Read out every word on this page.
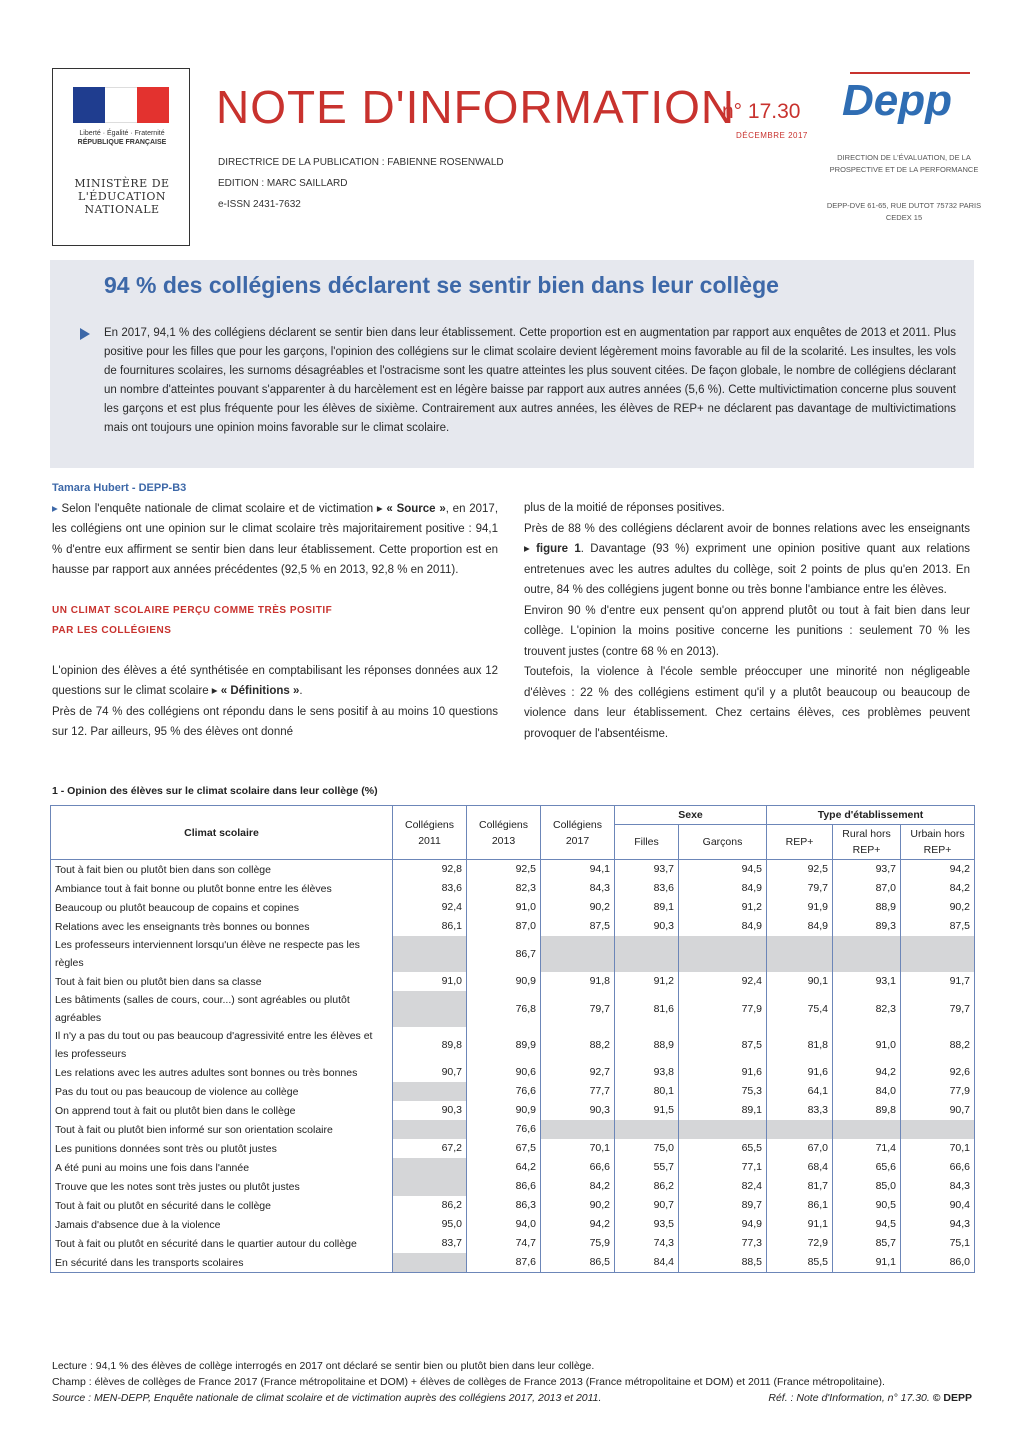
Liberté · Égalité · Fraternité
RÉPUBLIQUE FRANÇAISE
MINISTÈRE DE L'ÉDUCATION NATIONALE
NOTE D'INFORMATION
n° 17.30
DÉCEMBRE 2017
DIRECTRICE DE LA PUBLICATION : FABIENNE ROSENWALD
EDITION : MARC SAILLARD
e-ISSN 2431-7632
Depp
DIRECTION DE L'ÉVALUATION, DE LA PROSPECTIVE ET DE LA PERFORMANCE
DEPP-DVE 61-65, RUE DUTOT 75732 PARIS CEDEX 15
94 % des collégiens déclarent se sentir bien dans leur collège
En 2017, 94,1 % des collégiens déclarent se sentir bien dans leur établissement. Cette proportion est en augmentation par rapport aux enquêtes de 2013 et 2011. Plus positive pour les filles que pour les garçons, l'opinion des collégiens sur le climat scolaire devient légèrement moins favorable au fil de la scolarité. Les insultes, les vols de fournitures scolaires, les surnoms désagréables et l'ostracisme sont les quatre atteintes les plus souvent citées. De façon globale, le nombre de collégiens déclarant un nombre d'atteintes pouvant s'apparenter à du harcèlement est en légère baisse par rapport aux autres années (5,6 %). Cette multivictimation concerne plus souvent les garçons et est plus fréquente pour les élèves de sixième. Contrairement aux autres années, les élèves de REP+ ne déclarent pas davantage de multivictimations mais ont toujours une opinion moins favorable sur le climat scolaire.
Tamara Hubert - DEPP-B3

▸ Selon l'enquête nationale de climat scolaire et de victimation ▸ « Source », en 2017, les collégiens ont une opinion sur le climat scolaire très majoritairement positive : 94,1 % d'entre eux affirment se sentir bien dans leur établissement. Cette proportion est en hausse par rapport aux années précédentes (92,5 % en 2013, 92,8 % en 2011).

UN CLIMAT SCOLAIRE PERÇU COMME TRÈS POSITIF
PAR LES COLLÉGIENS

L'opinion des élèves a été synthétisée en comptabilisant les réponses données aux 12 questions sur le climat scolaire ▸ « Définitions ».

Près de 74 % des collégiens ont répondu dans le sens positif à au moins 10 questions sur 12. Par ailleurs, 95 % des élèves ont donné

plus de la moitié de réponses positives.

Près de 88 % des collégiens déclarent avoir de bonnes relations avec les enseignants ▸ figure 1. Davantage (93 %) expriment une opinion positive quant aux relations entretenues avec les autres adultes du collège, soit 2 points de plus qu'en 2013. En outre, 84 % des collégiens jugent bonne ou très bonne l'ambiance entre les élèves.

Environ 90 % d'entre eux pensent qu'on apprend plutôt ou tout à fait bien dans leur collège. L'opinion la moins positive concerne les punitions : seulement 70 % les trouvent justes (contre 68 % en 2013).

Toutefois, la violence à l'école semble préoccuper une minorité non négligeable d'élèves : 22 % des collégiens estiment qu'il y a plutôt beaucoup ou beaucoup de violence dans leur établissement. Chez certains élèves, ces problèmes peuvent provoquer de l'absentéisme.

1 - Opinion des élèves sur le climat scolaire dans leur collège (%)
Climat scolaire	Collégiens 2011	Collégiens 2013	Collégiens 2017	Sexe		Type d'établissement		
				Filles	Garçons	REP+	Rural hors REP+	Urbain hors REP+
Tout à fait bien ou plutôt bien dans son collège	92,8	92,5	94,1	93,7	94,5	92,5	93,7	94,2
Ambiance tout à fait bonne ou plutôt bonne entre les élèves	83,6	82,3	84,3	83,6	84,9	79,7	87,0	84,2
Beaucoup ou plutôt beaucoup de copains et copines	92,4	91,0	90,2	89,1	91,2	91,9	88,9	90,2
Relations avec les enseignants très bonnes ou bonnes	86,1	87,0	87,5	90,3	84,9	84,9	89,3	87,5
Les professeurs interviennent lorsqu'un élève ne respecte pas les règles		86,7						
Tout à fait bien ou plutôt bien dans sa classe	91,0	90,9	91,8	91,2	92,4	90,1	93,1	91,7
Les bâtiments (salles de cours, cour...) sont agréables ou plutôt agréables		76,8	79,7	81,6	77,9	75,4	82,3	79,7
Il n'y a pas du tout ou pas beaucoup d'agressivité entre les élèves et les professeurs	89,8	89,9	88,2	88,9	87,5	81,8	91,0	88,2
Les relations avec les autres adultes sont bonnes ou très bonnes	90,7	90,6	92,7	93,8	91,6	91,6	94,2	92,6
Pas du tout ou pas beaucoup de violence au collège		76,6	77,7	80,1	75,3	64,1	84,0	77,9
On apprend tout à fait ou plutôt bien dans le collège	90,3	90,9	90,3	91,5	89,1	83,3	89,8	90,7
Tout à fait ou plutôt bien informé sur son orientation scolaire		76,6						
Les punitions données sont très ou plutôt justes	67,2	67,5	70,1	75,0	65,5	67,0	71,4	70,1
A été puni au moins une fois dans l'année		64,2	66,6	55,7	77,1	68,4	65,6	66,6
Trouve que les notes sont très justes ou plutôt justes		86,6	84,2	86,2	82,4	81,7	85,0	84,3
Tout à fait ou plutôt en sécurité dans le collège	86,2	86,3	90,2	90,7	89,7	86,1	90,5	90,4
Jamais d'absence due à la violence	95,0	94,0	94,2	93,5	94,9	91,1	94,5	94,3
Tout à fait ou plutôt en sécurité dans le quartier autour du collège	83,7	74,7	75,9	74,3	77,3	72,9	85,7	75,1
En sécurité dans les transports scolaires		87,6	86,5	84,4	88,5	85,5	91,1	86,0
Lecture : 94,1 % des élèves de collège interrogés en 2017 ont déclaré se sentir bien ou plutôt bien dans leur collège.
Champ : élèves de collèges de France 2017 (France métropolitaine et DOM) + élèves de collèges de France 2013 (France métropolitaine et DOM) et 2011 (France métropolitaine).
Source : MEN-DEPP, Enquête nationale de climat scolaire et de victimation auprès des collégiens 2017, 2013 et 2011.	Réf. : Note d'Information, n° 17.30. © DEPP
